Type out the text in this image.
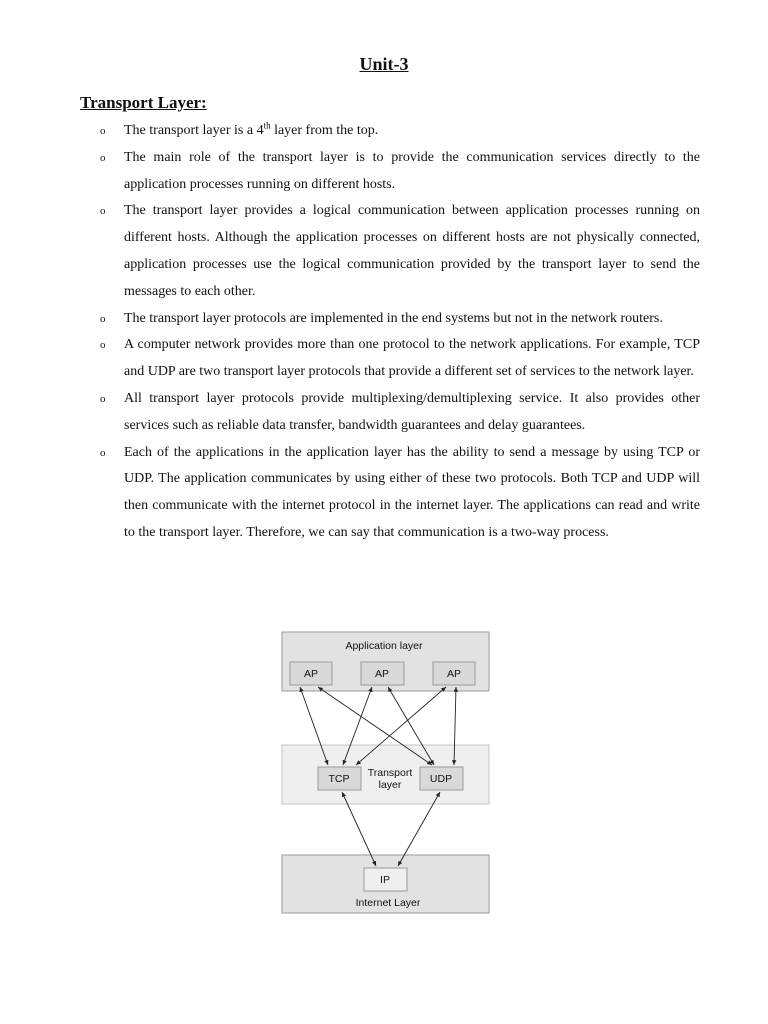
Unit-3
Transport Layer:
o The transport layer is a 4th layer from the top.
o The main role of the transport layer is to provide the communication services directly to the application processes running on different hosts.
o The transport layer provides a logical communication between application processes running on different hosts. Although the application processes on different hosts are not physically connected, application processes use the logical communication provided by the transport layer to send the messages to each other.
o The transport layer protocols are implemented in the end systems but not in the network routers.
o A computer network provides more than one protocol to the network applications. For example, TCP and UDP are two transport layer protocols that provide a different set of services to the network layer.
o All transport layer protocols provide multiplexing/demultiplexing service. It also provides other services such as reliable data transfer, bandwidth guarantees and delay guarantees.
o Each of the applications in the application layer has the ability to send a message by using TCP or UDP. The application communicates by using either of these two protocols. Both TCP and UDP will then communicate with the internet protocol in the internet layer. The applications can read and write to the transport layer. Therefore, we can say that communication is a two-way process.
Application layer
AP	AP	AP
TCP Transport
layer	UDP
IP
Internet Layer
